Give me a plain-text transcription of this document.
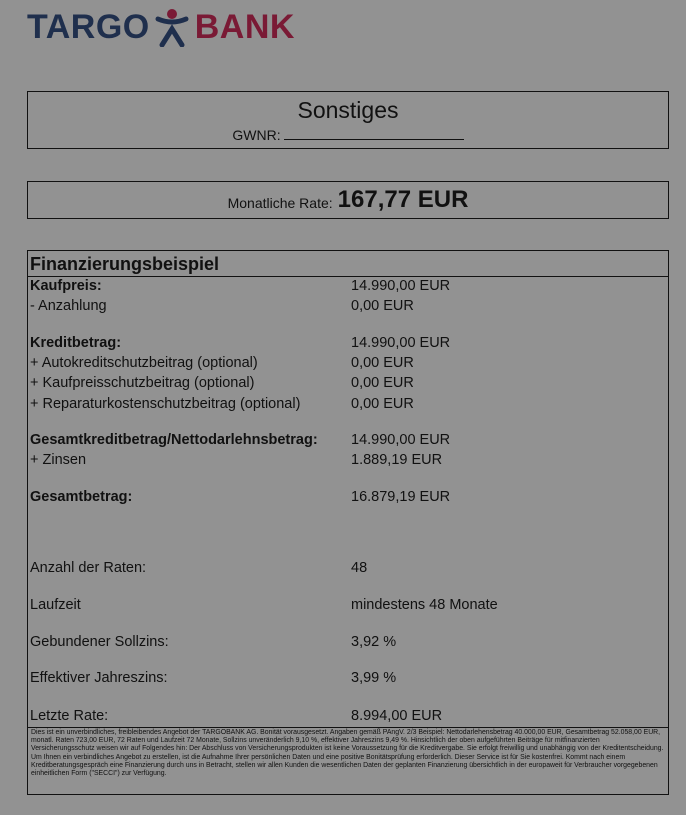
TARGO BANK
Sonstiges
GWNR:
Monatliche Rate: 167,77 EUR
Finanzierungsbeispiel
Kaufpreis:	14.990,00 EUR
- Anzahlung	0,00 EUR
Kreditbetrag:	14.990,00 EUR
+ Autokreditschutzbeitrag (optional)	0,00 EUR
+ Kaufpreisschutzbeitrag (optional)	0,00 EUR
+ Reparaturkostenschutzbeitrag (optional)	0,00 EUR
Gesamtkreditbetrag/Nettodarlehnsbetrag: 14.990,00 EUR
+ Zinsen	1.889,19 EUR
Gesamtbetrag:	16.879,19 EUR
Anzahl der Raten:	48
Laufzeit	mindestens 48 Monate
Gebundener Sollzins:	3,92 %
Effektiver Jahreszins:	3,99 %
Letzte Rate:	8.994,00 EUR
Dies ist ein unverbindliches, freibleibendes Angebot der TARGOBANK AG. Bonität vorausgesetzt. Angaben gemäß PAngV. 2/3 Beispiel: Nettodarlehensbetrag 40.000,00 EUR, Gesamtbetrag 52.058,00 EUR, monatl. Raten 723,00 EUR, 72 Raten und Laufzeit 72 Monate, Sollzins unveränderlich 9,10 %, effektiver Jahreszins 9,49 %. Hinsichtlich der oben aufgeführten Beiträge für mitfinanzierten Versicherungsschutz weisen wir auf Folgendes hin: Der Abschluss von Versicherungsprodukten ist keine Voraussetzung für die Kreditvergabe. Sie erfolgt freiwillig und unabhängig von der Kreditentscheidung. Um Ihnen ein verbindliches Angebot zu erstellen, ist die Aufnahme Ihrer persönlichen Daten und eine positive Bonitätsprüfung erforderlich. Dieser Service ist für Sie kostenfrei. Kommt nach einem Kreditberatungsgespräch eine Finanzierung durch uns in Betracht, stellen wir allen Kunden die wesentlichen Daten der geplanten Finanzierung übersichtlich in der europaweit für Verbraucher vorgegebenen einheitlichen Form ("SECCI") zur Verfügung.
